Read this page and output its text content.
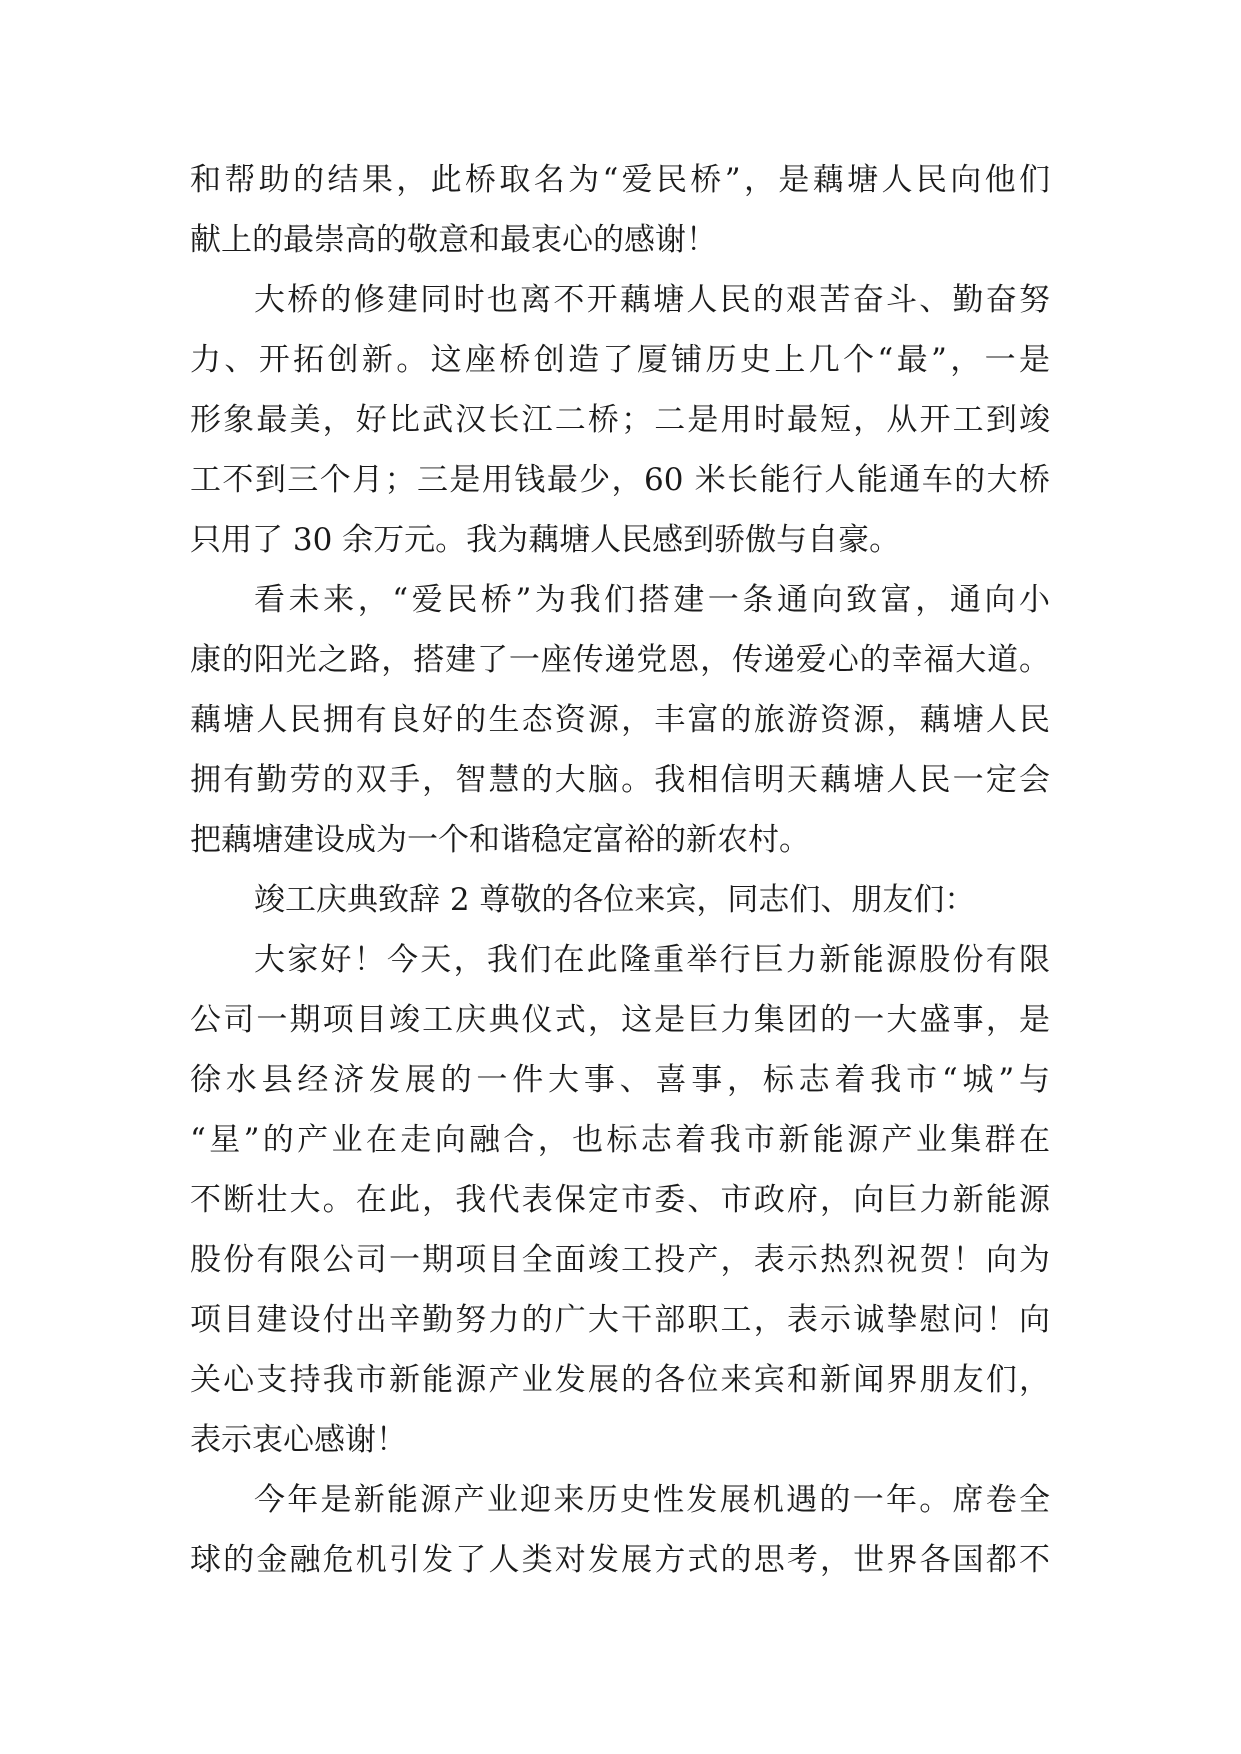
和帮助的结果，此桥取名为“爱民桥”，是藕塘人民向他们
献上的最崇高的敬意和最衷心的感谢！
大桥的修建同时也离不开藕塘人民的艰苦奋斗、勤奋努
力、开拓创新。这座桥创造了厦铺历史上几个“最”，一是
形象最美，好比武汉长江二桥；二是用时最短，从开工到竣
工不到三个月；三是用钱最少，60 米长能行人能通车的大桥
只用了 30 余万元。我为藕塘人民感到骄傲与自豪。
看未来，“爱民桥”为我们搭建一条通向致富，通向小
康的阳光之路，搭建了一座传递党恩，传递爱心的幸福大道。
藕塘人民拥有良好的生态资源，丰富的旅游资源，藕塘人民
拥有勤劳的双手，智慧的大脑。我相信明天藕塘人民一定会
把藕塘建设成为一个和谐稳定富裕的新农村。
竣工庆典致辞 2 尊敬的各位来宾，同志们、朋友们：
大家好！今天，我们在此隆重举行巨力新能源股份有限
公司一期项目竣工庆典仪式，这是巨力集团的一大盛事，是
徐水县经济发展的一件大事、喜事，标志着我市“城”与
“星”的产业在走向融合，也标志着我市新能源产业集群在
不断壮大。在此，我代表保定市委、市政府，向巨力新能源
股份有限公司一期项目全面竣工投产，表示热烈祝贺！向为
项目建设付出辛勤努力的广大干部职工，表示诚挚慰问！向
关心支持我市新能源产业发展的各位来宾和新闻界朋友们，
表示衷心感谢！
今年是新能源产业迎来历史性发展机遇的一年。席卷全
球的金融危机引发了人类对发展方式的思考，世界各国都不
